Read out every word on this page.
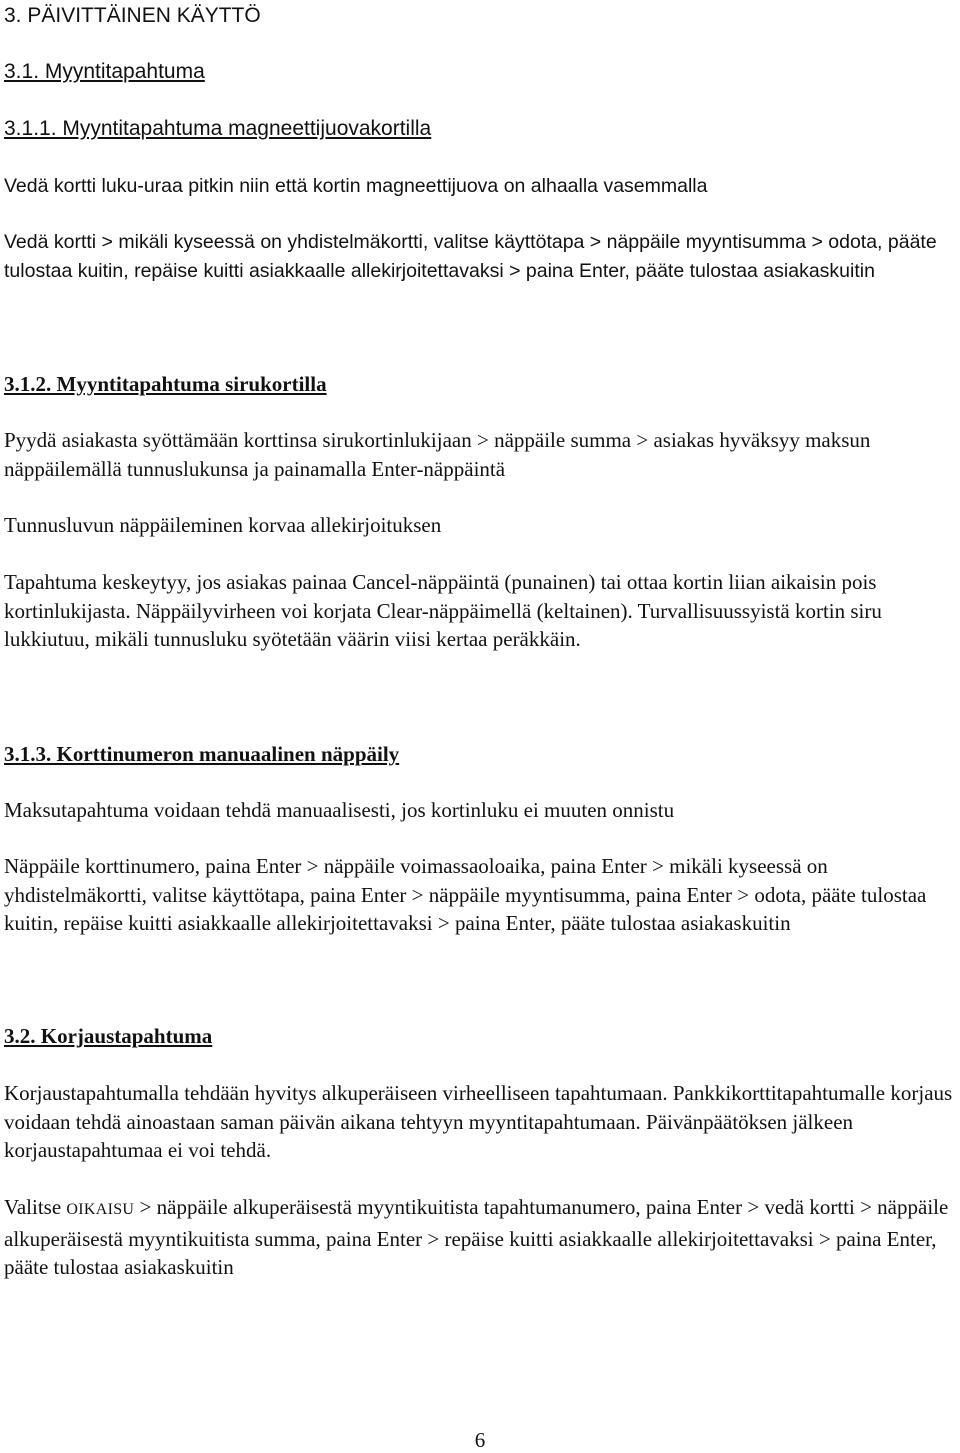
3. PÄIVITTÄINEN KÄYTTÖ
3.1. Myyntitapahtuma
3.1.1. Myyntitapahtuma magneettijuovakortilla

Vedä kortti luku-uraa pitkin niin että kortin magneettijuova on alhaalla vasemmalla

Vedä kortti > mikäli kyseessä on yhdistelmäkortti, valitse käyttötapa > näppäile myyntisumma > odota, pääte tulostaa kuitin, repäise kuitti asiakkaalle allekirjoitettavaksi > paina Enter, pääte tulostaa asiakaskuitin

3.1.2. Myyntitapahtuma sirukortilla

Pyydä asiakasta syöttämään korttinsa sirukortinlukijaan > näppäile summa > asiakas hyväksyy maksun näppäilemällä tunnuslukunsa ja painamalla Enter-näppäintä

Tunnusluvun näppäileminen korvaa allekirjoituksen

Tapahtuma keskeytyy, jos asiakas painaa Cancel-näppäintä (punainen) tai ottaa kortin liian aikaisin pois kortinlukijasta. Näppäilyvirheen voi korjata Clear-näppäimellä (keltainen). Turvallisuussyistä kortin siru lukkiutuu, mikäli tunnusluku syötetään väärin viisi kertaa peräkkäin.

3.1.3. Korttinumeron manuaalinen näppäily

Maksutapahtuma voidaan tehdä manuaalisesti, jos kortinluku ei muuten onnistu

Näppäile korttinumero, paina Enter > näppäile voimassaoloaika, paina Enter > mikäli kyseessä on yhdistelmäkortti, valitse käyttötapa, paina Enter > näppäile myyntisumma, paina Enter > odota, pääte tulostaa kuitin, repäise kuitti asiakkaalle allekirjoitettavaksi > paina Enter, pääte tulostaa asiakaskuitin

3.2. Korjaustapahtuma

Korjaustapahtumalla tehdään hyvitys alkuperäiseen virheelliseen tapahtumaan. Pankkikorttitapahtumalle korjaus voidaan tehdä ainoastaan saman päivän aikana tehtyyn myyntitapahtumaan. Päivänpäätöksen jälkeen korjaustapahtumaa ei voi tehdä.

Valitse OIKAISU > näppäile alkuperäisestä myyntikuitista tapahtumanumero, paina Enter > vedä kortti > näppäile alkuperäisestä myyntikuitista summa, paina Enter > repäise kuitti asiakkaalle allekirjoitettavaksi > paina Enter, pääte tulostaa asiakaskuitin

6
